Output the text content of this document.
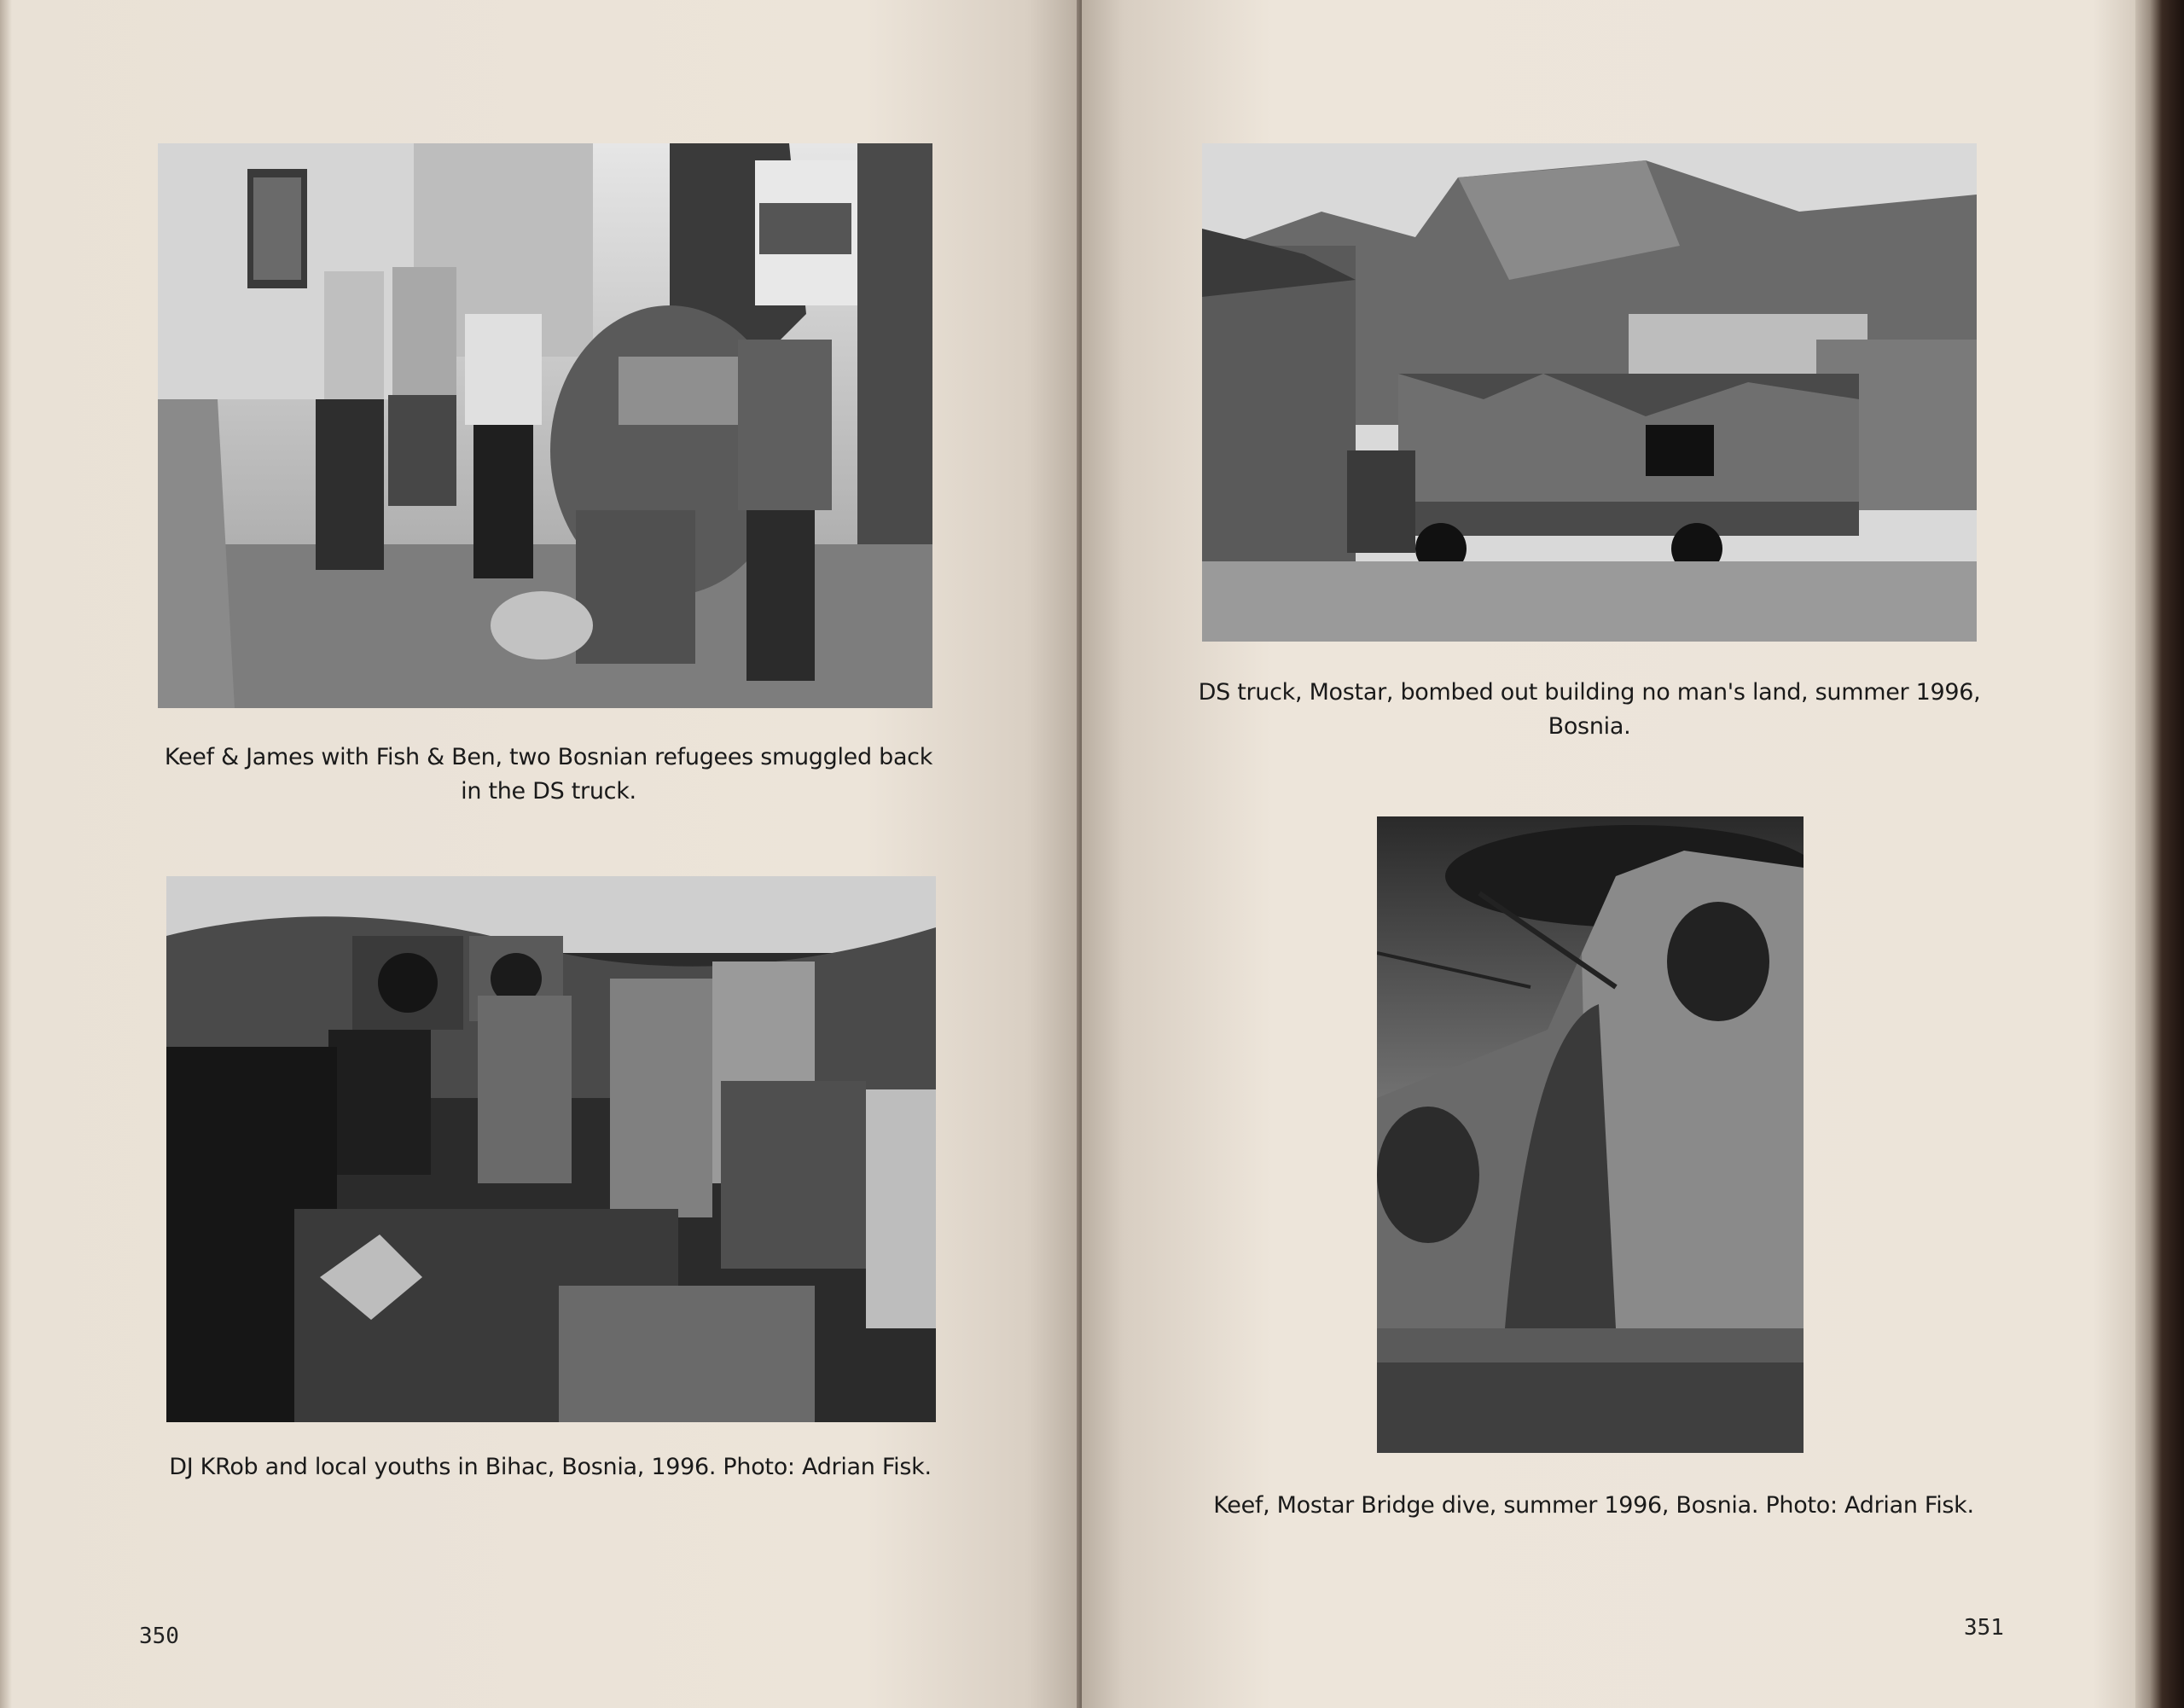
Keef & James with Fish & Ben, two Bosnian refugees smuggled back in the DS truck.
DJ KRob and local youths in Bihac, Bosnia, 1996. Photo: Adrian Fisk.
350
DS truck, Mostar, bombed out building no man's land, summer 1996, Bosnia.
Keef, Mostar Bridge dive, summer 1996, Bosnia. Photo: Adrian Fisk.
351
